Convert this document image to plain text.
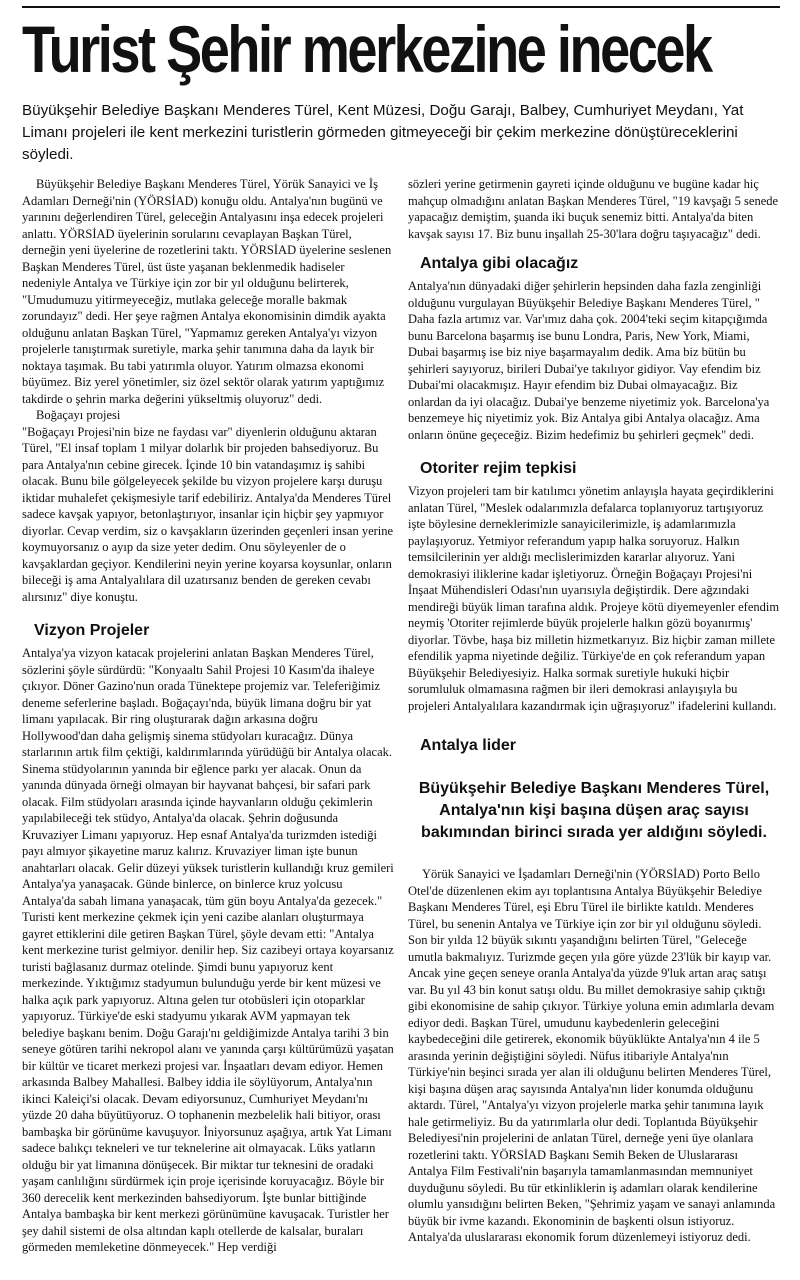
Turist Şehir merkezine inecek
Büyükşehir Belediye Başkanı Menderes Türel, Kent Müzesi, Doğu Garajı, Balbey, Cumhuriyet Meydanı, Yat Limanı projeleri ile kent merkezini turistlerin görmeden gitmeyeceği bir çekim merkezine dönüştüreceklerini söyledi.

Büyükşehir Belediye Başkanı Menderes Türel, Yörük Sanayici ve İş Adamları Derneği'nin (YÖRSİAD) konuğu oldu. Antalya'nın bugünü ve yarınını değerlendiren Türel, geleceğin Antalyasını inşa edecek projeleri anlattı. YÖRSİAD üyelerinin sorularını cevaplayan Başkan Türel, derneğin yeni üyelerine de rozetlerini taktı. YÖRSİAD üyelerine seslenen Başkan Menderes Türel, üst üste yaşanan beklenmedik hadiseler nedeniyle Antalya ve Türkiye için zor bir yıl olduğunu belirterek, "Umudumuzu yitirmeyeceğiz, mutlaka geleceğe moralle bakmak zorundayız" dedi. Her şeye rağmen Antalya ekonomisinin dimdik ayakta olduğunu anlatan Başkan Türel, "Yapmamız gereken Antalya'yı vizyon projelerle tanıştırmak suretiyle, marka şehir tanımına daha da layık bir noktaya taşımak. Bu tabi yatırımla oluyor. Yatırım olmazsa ekonomi büyümez. Biz yerel yönetimler, siz özel sektör olarak yatırım yaptığımız takdirde o şehrin marka değerini yükseltmiş oluyoruz" dedi.

Boğaçayı projesi

"Boğaçayı Projesi'nin bize ne faydası var" diyenlerin olduğunu aktaran Türel, "El insaf toplam 1 milyar dolarlık bir projeden bahsediyoruz. Bu para Antalya'nın cebine girecek. İçinde 10 bin vatandaşımız iş sahibi olacak. Bunu bile gölgeleyecek şekilde bu vizyon projelere karşı duruşu iktidar muhalefet çekişmesiyle tarif edebiliriz. Antalya'da Menderes Türel sadece kavşak yapıyor, betonlaştırıyor, insanlar için hiçbir şey yapmıyor diyorlar. Cevap verdim, siz o kavşakların üzerinden geçenleri insan yerine koymuyorsanız o ayıp da size yeter dedim. Onu söyleyenler de o kavşaklardan geçiyor. Kendilerini neyin yerine koyarsa koysunlar, onların bileceği iş ama Antalyalılara dil uzatırsanız benden de gereken cevabı alırsınız" diye konuştu.

Vizyon Projeler

Antalya'ya vizyon katacak projelerini anlatan Başkan Menderes Türel, sözlerini şöyle sürdürdü: "Konyaaltı Sahil Projesi 10 Kasım'da ihaleye çıkıyor. Döner Gazino'nun orada Tünektepe projemiz var. Teleferiğimiz deneme seferlerine başladı. Boğaçayı'nda, büyük limana doğru bir yat limanı yapılacak. Bir ring oluşturarak dağın arkasına doğru Hollywood'dan daha gelişmiş sinema stüdyoları kuracağız. Dünya starlarının artık film çektiği, kaldırımlarında yürüdüğü bir Antalya olacak. Sinema stüdyolarının yanında bir eğlence parkı yer alacak. Onun da yanında dünyada örneği olmayan bir hayvanat bahçesi, bir safari park olacak. Film stüdyoları arasında içinde hayvanların olduğu çekimlerin yapılabileceği tek stüdyo, Antalya'da olacak. Şehrin doğusunda Kruvaziyer Limanı yapıyoruz. Hep esnaf Antalya'da turizmden istediği payı almıyor şikayetine maruz kalırız. Kruvaziyer liman işte bunun anahtarları olacak. Gelir düzeyi yüksek turistlerin kullandığı kruz gemileri Antalya'ya yanaşacak. Günde binlerce, on binlerce kruz yolcusu Antalya'da sabah limana yanaşacak, tüm gün boyu Antalya'da gezecek." Turisti kent merkezine çekmek için yeni cazibe alanları oluşturmaya gayret ettiklerini dile getiren Başkan Türel, şöyle devam etti: "Antalya kent merkezine turist gelmiyor. denilir hep. Siz cazibeyi ortaya koyarsanız turisti bağlasanız durmaz otelinde. Şimdi bunu yapıyoruz kent merkezinde. Yıktığımız stadyumun bulunduğu yerde bir kent müzesi ve halka açık park yapıyoruz. Altına gelen tur otobüsleri için otoparklar yapıyoruz. Türkiye'de eski stadyumu yıkarak AVM yapmayan tek belediye başkanı benim. Doğu Garajı'nı geldiğimizde Antalya tarihi 3 bin seneye götüren tarihi nekropol alanı ve yanında çarşı kültürümüzü yaşatan bir kültür ve ticaret merkezi projesi var. İnşaatları devam ediyor. Hemen arkasında Balbey Mahallesi. Balbey iddia ile söylüyorum, Antalya'nın ikinci Kaleiçi'si olacak. Devam ediyorsunuz, Cumhuriyet Meydanı'nı yüzde 20 daha büyütüyoruz. O tophanenin mezbelelik hali bitiyor, orası bambaşka bir görünüme kavuşuyor. İniyorsunuz aşağıya, artık Yat Limanı sadece balıkçı tekneleri ve tur teknelerine ait olmayacak. Lüks yatların olduğu bir yat limanına dönüşecek. Bir miktar tur teknesini de oradaki yaşam canlılığını sürdürmek için proje içerisinde koruyacağız. Böyle bir 360 derecelik kent merkezinden bahsediyorum. İşte bunlar bittiğinde Antalya bambaşka bir kent merkezi görünümüne kavuşacak. Turistler her şey dahil sistemi de olsa altından kaplı otellerde de kalsalar, buraları görmeden memleketine dönmeyecek." Hep verdiği

sözleri yerine getirmenin gayreti içinde olduğunu ve bugüne kadar hiç mahçup olmadığını anlatan Başkan Menderes Türel, "19 kavşağı 5 senede yapacağız demiştim, şuanda iki buçuk senemiz bitti. Antalya'da biten kavşak sayısı 17. Biz bunu inşallah 25-30'lara doğru taşıyacağız" dedi.

Antalya gibi olacağız

Antalya'nın dünyadaki diğer şehirlerin hepsinden daha fazla zenginliği olduğunu vurgulayan Büyükşehir Belediye Başkanı Menderes Türel, " Daha fazla artımız var. Var'ımız daha çok. 2004'teki seçim kitapçığımda bunu Barcelona başarmış ise bunu Londra, Paris, New York, Miami, Dubai başarmış ise biz niye başarmayalım dedik. Ama biz bütün bu şehirleri sayıyoruz, birileri Dubai'ye takılıyor gidiyor. Vay efendim biz Dubai'mi olacakmışız. Hayır efendim biz Dubai olmayacağız. Biz onlardan da iyi olacağız. Dubai'ye benzeme niyetimiz yok. Barcelona'ya benzemeye hiç niyetimiz yok. Biz Antalya gibi Antalya olacağız. Ama onların önüne geçeceğiz. Bizim hedefimiz bu şehirleri geçmek" dedi.

Otoriter rejim tepkisi

Vizyon projeleri tam bir katılımcı yönetim anlayışla hayata geçirdiklerini anlatan Türel, "Meslek odalarımızla defalarca toplanıyoruz tartışıyoruz işte böylesine derneklerimizle sanayicilerimizle, iş adamlarımızla paylaşıyoruz. Yetmiyor referandum yapıp halka soruyoruz. Halkın temsilcilerinin yer aldığı meclislerimizden kararlar alıyoruz. Yani demokrasiyi iliklerine kadar işletiyoruz. Örneğin Boğaçayı Projesi'ni İnşaat Mühendisleri Odası'nın uyarısıyla değiştirdik. Dere ağzındaki mendireği büyük liman tarafına aldık. Projeye kötü diyemeyenler efendim neymiş 'Otoriter rejimlerde büyük projelerle halkın gözü boyanırmış' diyorlar. Tövbe, haşa biz milletin hizmetkarıyız. Biz hiçbir zaman millete efendilik yapma niyetinde değiliz. Türkiye'de en çok referandum yapan Büyükşehir Belediyesiyiz. Halka sormak suretiyle hukuki hiçbir sorumluluk olmamasına rağmen bir ileri demokrasi anlayışıyla bu projeleri Antalyalılara kazandırmak için uğraşıyoruz" ifadelerini kullandı.

Antalya lider
Büyükşehir Belediye Başkanı Menderes Türel, Antalya'nın kişi başına düşen araç sayısı bakımından birinci sırada yer aldığını söyledi.

Yörük Sanayici ve İşadamları Derneği'nin (YÖRSİAD) Porto Bello Otel'de düzenlenen ekim ayı toplantısına Antalya Büyükşehir Belediye Başkanı Menderes Türel, eşi Ebru Türel ile birlikte katıldı. Menderes Türel, bu senenin Antalya ve Türkiye için zor bir yıl olduğunu söyledi. Son bir yılda 12 büyük sıkıntı yaşandığını belirten Türel, "Geleceğe umutla bakmalıyız. Turizmde geçen yıla göre yüzde 23'lük bir kayıp var. Ancak yine geçen seneye oranla Antalya'da yüzde 9'luk artan araç satışı var. Bu yıl 43 bin konut satışı oldu. Bu millet demokrasiye sahip çıktığı gibi ekonomisine de sahip çıkıyor. Türkiye yoluna emin adımlarla devam ediyor dedi. Başkan Türel, umudunu kaybedenlerin geleceğini kaybedeceğini dile getirerek, ekonomik büyüklükte Antalya'nın 4 ile 5 arasında yerinin değiştiğini söyledi. Nüfus itibariyle Antalya'nın Türkiye'nin beşinci sırada yer alan ili olduğunu belirten Menderes Türel, kişi başına düşen araç sayısında Antalya'nın lider konumda olduğunu aktardı. Türel, "Antalya'yı vizyon projelerle marka şehir tanımına layık hale getirmeliyiz. Bu da yatırımlarla olur dedi. Toplantıda Büyükşehir Belediyesi'nin projelerini de anlatan Türel, derneğe yeni üye olanlara rozetlerini taktı. YÖRSİAD Başkanı Semih Beken de Uluslararası Antalya Film Festivali'nin başarıyla tamamlanmasından memnuniyet duyduğunu söyledi. Bu tür etkinliklerin iş adamları olarak kendilerine olumlu yansıdığını belirten Beken, "Şehrimiz yaşam ve sanayi anlamında büyük bir ivme kazandı. Ekonominin de başkenti olsun istiyoruz. Antalya'da uluslararası ekonomik forum düzenlemeyi istiyoruz dedi.
